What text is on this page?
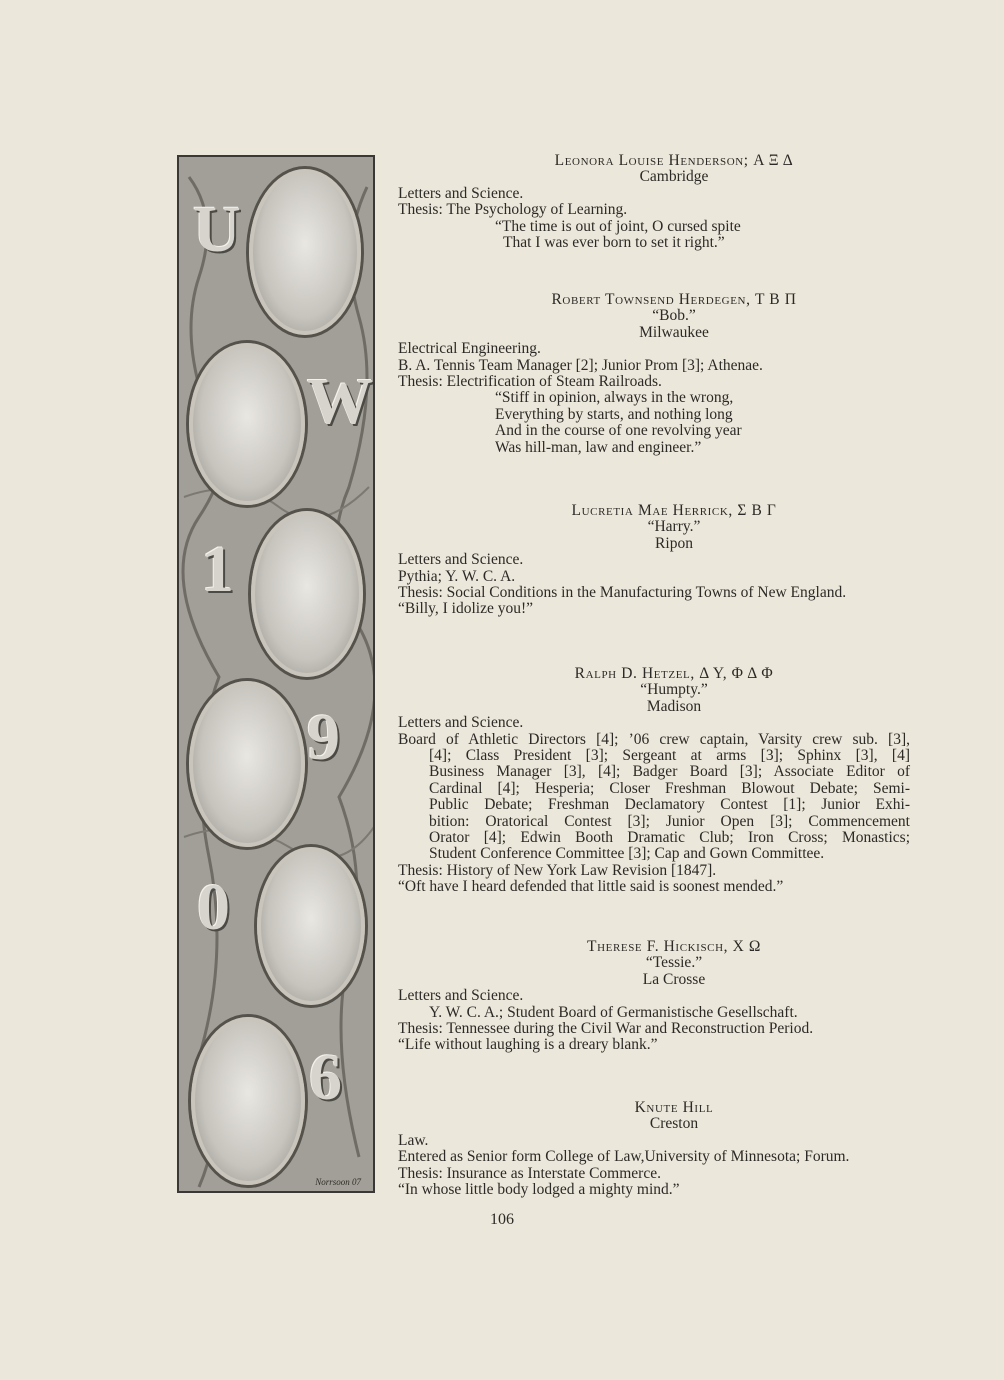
U
W
1
9
0
6
Norrsoon 07
Leonora Louise Henderson; Α Ξ Δ
Cambridge
Letters and Science.
Thesis: The Psychology of Learning.
“The time is out of joint, O cursed spite
That I was ever born to set it right.”
Robert Townsend Herdegen, Τ Β Π
“Bob.”
Milwaukee
Electrical Engineering.
B. A. Tennis Team Manager [2]; Junior Prom [3]; Athenae.
Thesis: Electrification of Steam Railroads.
“Stiff in opinion, always in the wrong,
Everything by starts, and nothing long
And in the course of one revolving year
Was hill-man, law and engineer.”
Lucretia Mae Herrick, Σ Β Γ
“Harry.”
Ripon
Letters and Science.
Pythia; Y. W. C. A.
Thesis: Social Conditions in the Manufacturing Towns of New England.
“Billy, I idolize you!”
Ralph D. Hetzel, Δ Υ, Φ Δ Φ
“Humpty.”
Madison
Letters and Science.
Board of Athletic Directors [4]; ’06 crew captain, Varsity crew sub. [3],
[4]; Class President [3]; Sergeant at arms [3]; Sphinx [3], [4]
Business Manager [3], [4]; Badger Board [3]; Associate Editor of
Cardinal [4]; Hesperia; Closer Freshman Blowout Debate; Semi-
Public Debate; Freshman Declamatory Contest [1]; Junior Exhi-
bition: Oratorical Contest [3]; Junior Open [3]; Commencement
Orator [4]; Edwin Booth Dramatic Club; Iron Cross; Monastics;
Student Conference Committee [3]; Cap and Gown Committee.
Thesis: History of New York Law Revision [1847].
“Oft have I heard defended that little said is soonest mended.”
Therese F. Hickisch, Χ Ω
“Tessie.”
La Crosse
Letters and Science.
Y. W. C. A.; Student Board of Germanistische Gesellschaft.
Thesis: Tennessee during the Civil War and Reconstruction Period.
“Life without laughing is a dreary blank.”
Knute Hill
Creston
Law.
Entered as Senior form College of Law,University of Minnesota; Forum.
Thesis: Insurance as Interstate Commerce.
“In whose little body lodged a mighty mind.”
106
